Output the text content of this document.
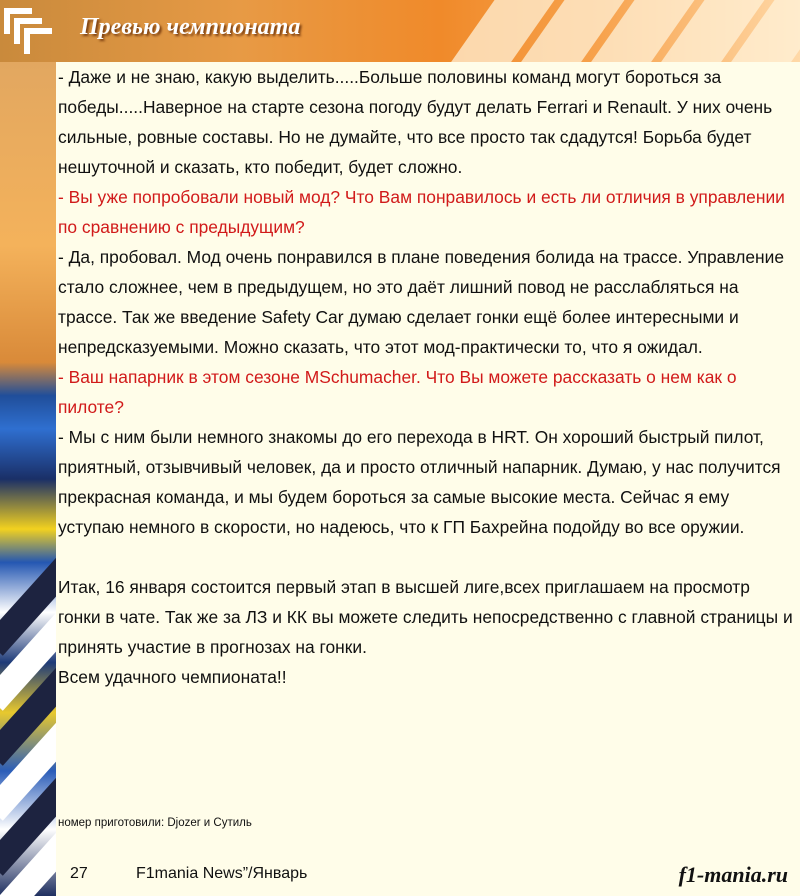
Превью чемпионата

- Даже и не знаю, какую выделить.....Больше половины команд могут бороться за победы.....Наверное на старте сезона погоду будут делать Ferrari и Renault. У них очень сильные, ровные составы. Но не думайте, что все просто так сдадутся! Борьба будет нешуточной и сказать, кто победит, будет сложно.

- Вы уже попробовали новый мод? Что Вам понравилось и есть ли отличия в управлении по сравнению с предыдущим?

- Да, пробовал. Мод очень понравился в плане поведения болида на трассе. Управление стало сложнее, чем в предыдущем, но это даёт лишний повод не расслабляться на трассе. Так же введение Safety Car думаю сделает гонки ещё более интересными и непредсказуемыми. Можно сказать, что этот мод-практически то, что я ожидал.

- Ваш напарник в этом сезоне MSchumacher. Что Вы можете рассказать о нем как о пилоте?

- Мы с ним были немного знакомы до его перехода в HRT. Он хороший быстрый пилот, приятный, отзывчивый человек, да и просто отличный напарник. Думаю, у нас получится прекрасная команда, и мы будем бороться за самые высокие места. Сейчас я ему уступаю немного в скорости, но надеюсь, что к ГП Бахрейна подойду во все оружии.

Итак, 16 января состоится первый этап в высшей лиге,всех приглашаем на просмотр гонки в чате. Так же за ЛЗ и КК вы можете следить непосредственно с главной страницы и принять участие в прогнозах на гонки.

Всем удачного чемпионата!!

номер приготовили: Djozer и Сутиль
27	F1mania News”/Январь	f1-mania.ru
